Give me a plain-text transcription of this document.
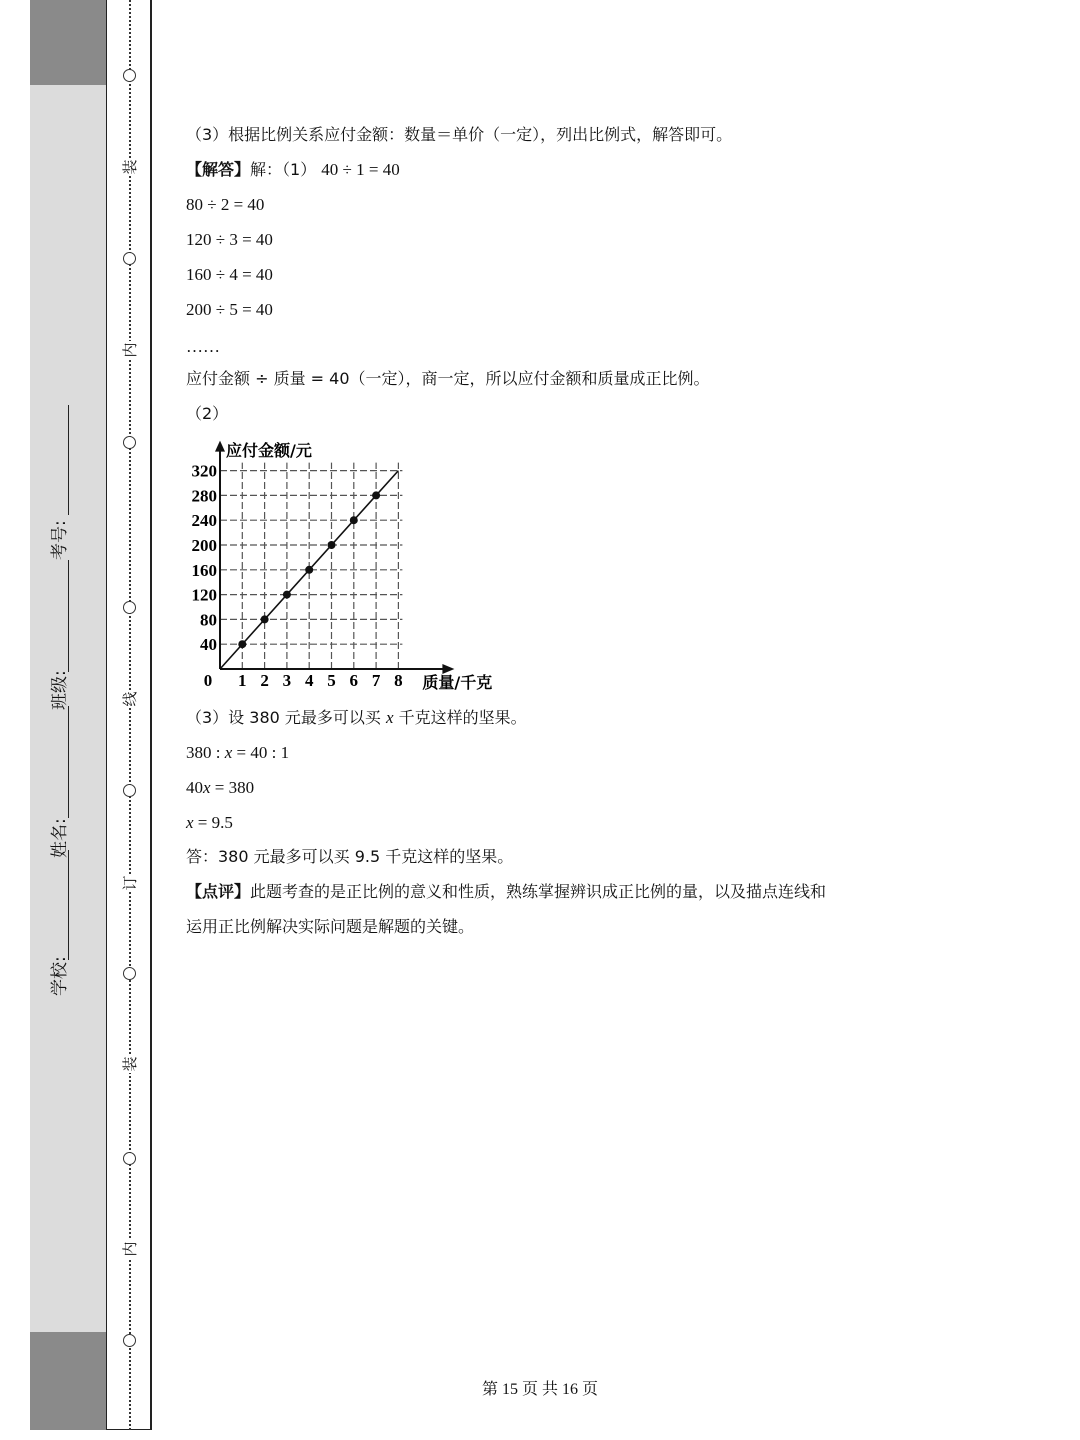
装
内
线
订
装
内
（3）根据比例关系应付金额：数量＝单价（一定），列出比例式，解答即可。
【解答】解：（1） 40 ÷ 1 = 40
80 ÷ 2 = 40
120 ÷ 3 = 40
160 ÷ 4 = 40
200 ÷ 5 = 40
……
应付金额 ÷ 质量 = 40（一定），商一定，所以应付金额和质量成正比例。
（2）
0 1 2 3 4 5 6 7 8
40
80
120
160
200
240
280
320
应付金额/元
质量/千克
（3）设 380 元最多可以买 x 千克这样的坚果。
380 : x = 40 : 1
40x = 380
x = 9.5
答：380 元最多可以买 9.5 千克这样的坚果。
【点评】此题考查的是正比例的意义和性质，熟练掌握辨识成正比例的量，以及描点连线和
运用正比例解决实际问题是解题的关键。
第 15 页 共 16 页
